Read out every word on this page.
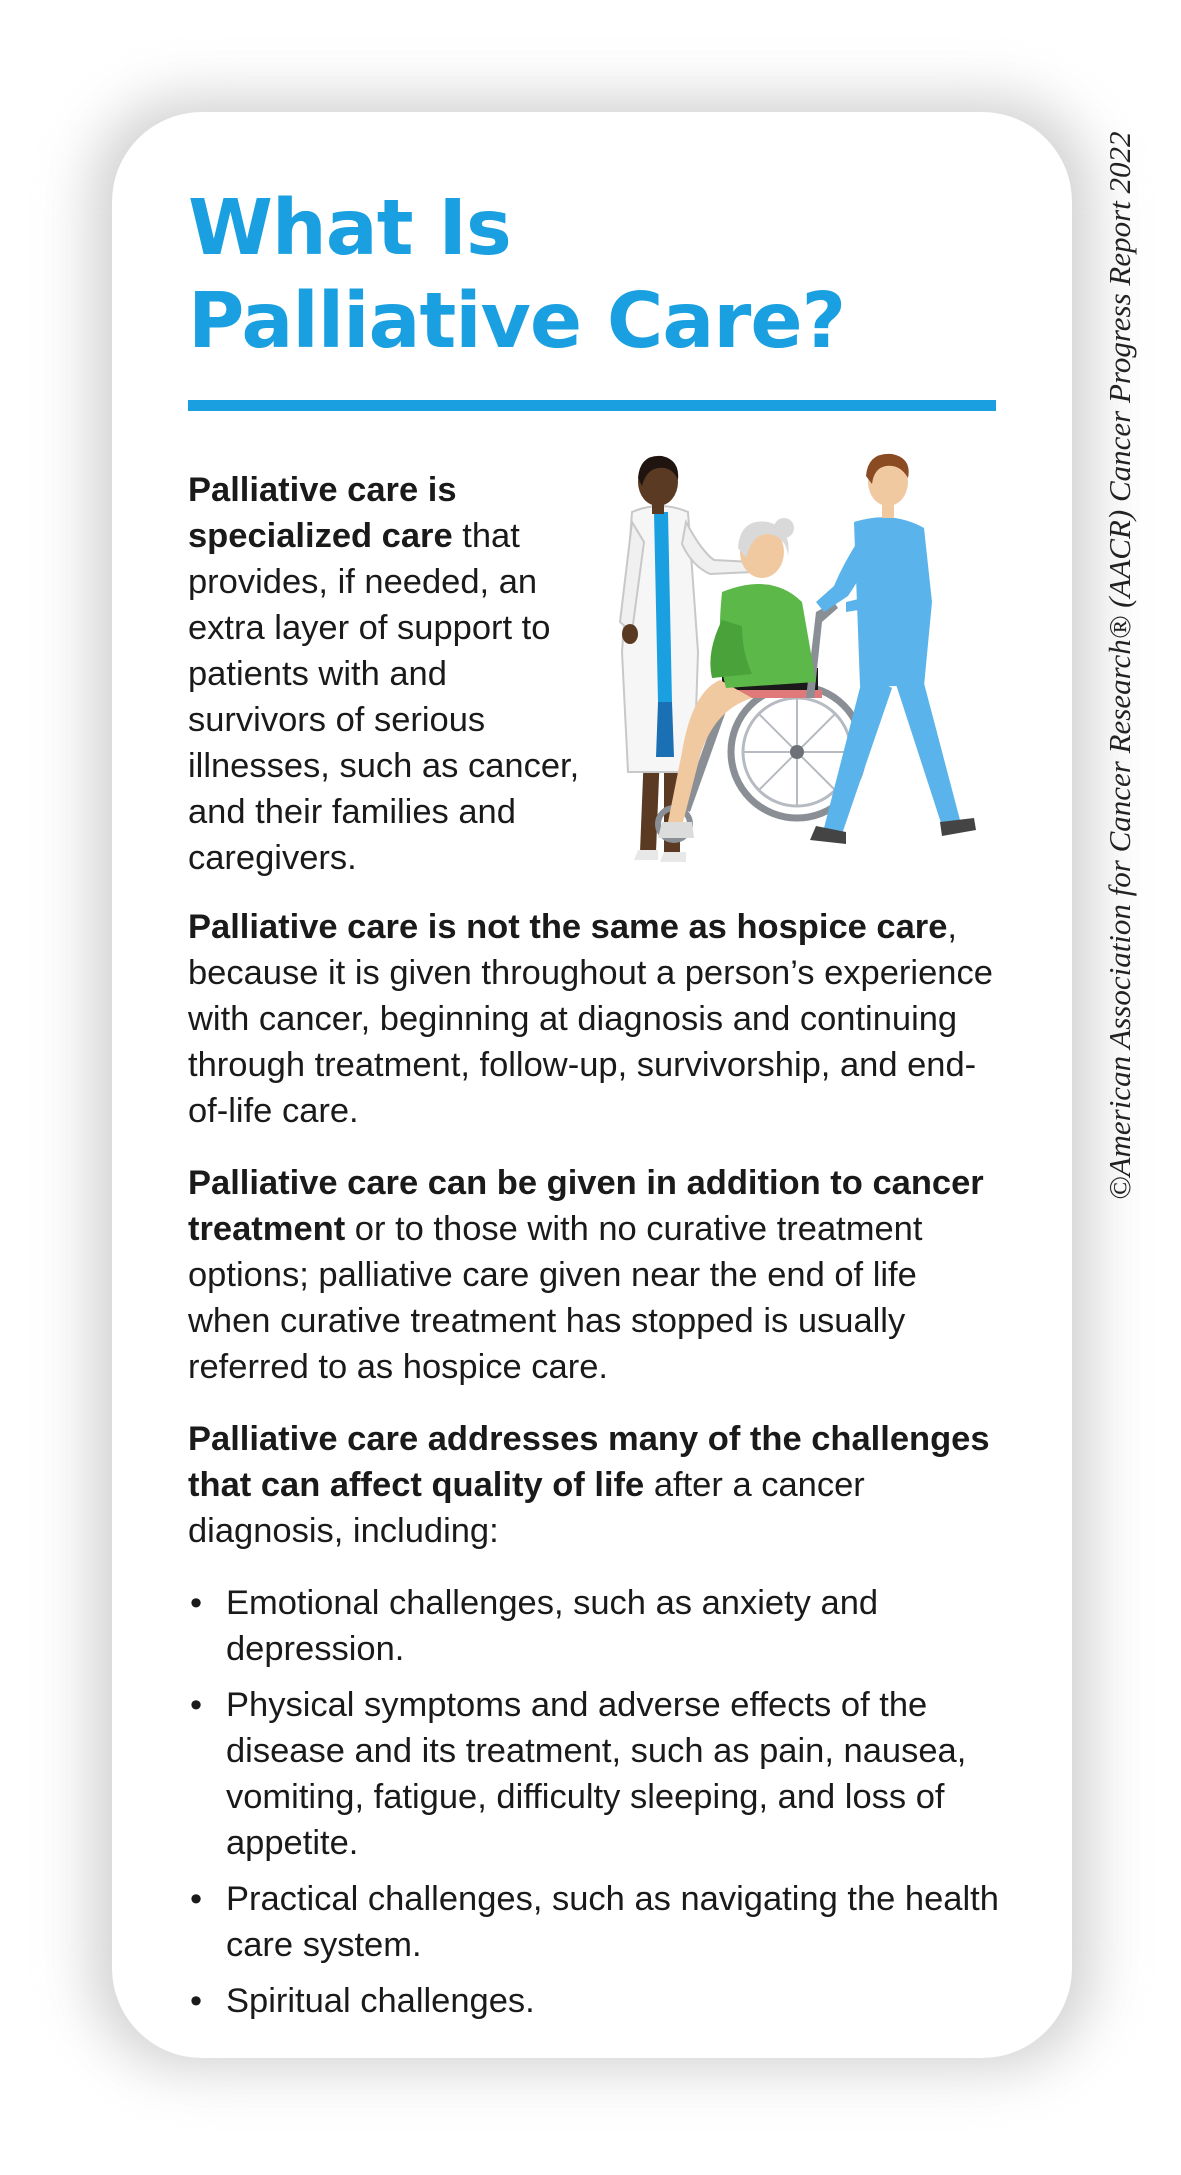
What Is
Palliative Care?

Palliative care is specialized care that provides, if needed, an extra layer of support to patients with and survivors of serious illnesses, such as cancer, and their families and caregivers.

Palliative care is not the same as hospice care, because it is given throughout a person’s experience with cancer, beginning at diagnosis and continuing through treatment, follow-up, survivorship, and end-of-life care.

Palliative care can be given in addition to cancer treatment or to those with no curative treatment options; palliative care given near the end of life when curative treatment has stopped is usually referred to as hospice care.

Palliative care addresses many of the challenges that can affect quality of life after a cancer diagnosis, including:

• Emotional challenges, such as anxiety and depression.
• Physical symptoms and adverse effects of the disease and its treatment, such as pain, nausea, vomiting, fatigue, difficulty sleeping, and loss of appetite.
• Practical challenges, such as navigating the health care system.
• Spiritual challenges.
©American Association for Cancer Research® (AACR) Cancer Progress Report 2022
